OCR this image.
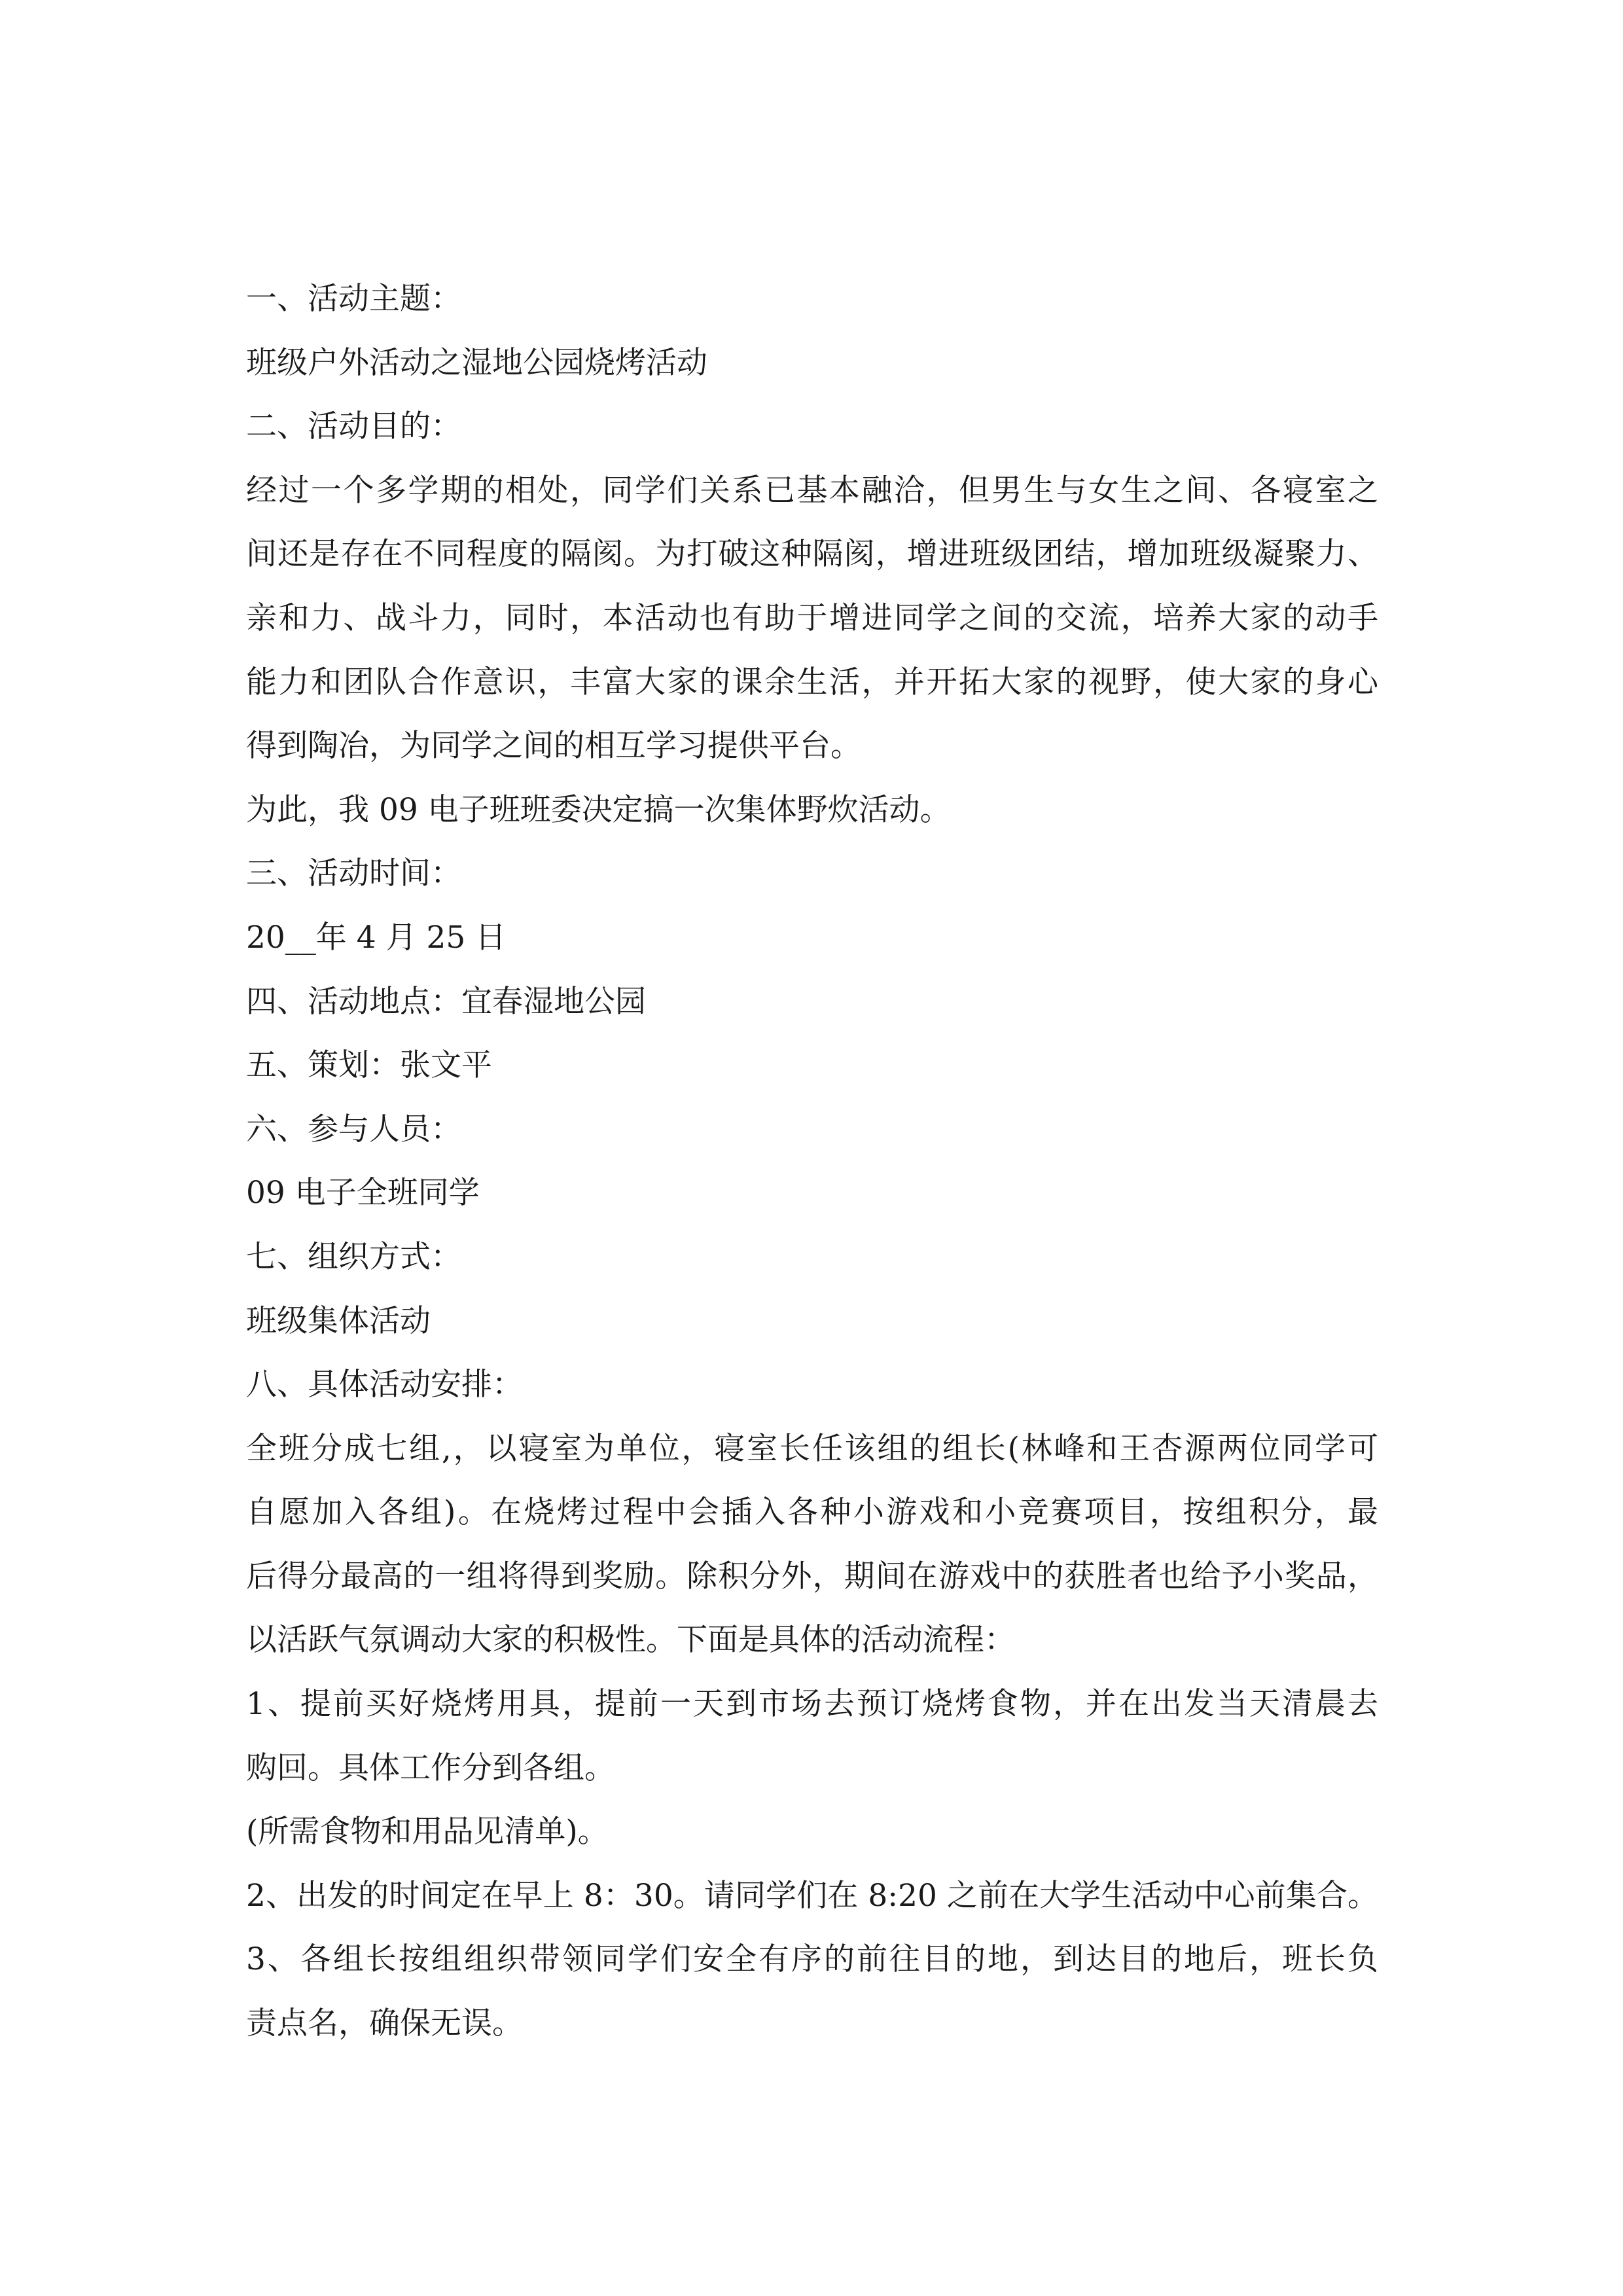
一、活动主题：
班级户外活动之湿地公园烧烤活动
二、活动目的：
经过一个多学期的相处，同学们关系已基本融洽，但男生与女生之间、各寝室之
间还是存在不同程度的隔阂。为打破这种隔阂，增进班级团结，增加班级凝聚力、
亲和力、战斗力，同时，本活动也有助于增进同学之间的交流，培养大家的动手
能力和团队合作意识，丰富大家的课余生活，并开拓大家的视野，使大家的身心
得到陶冶，为同学之间的相互学习提供平台。
为此，我 09 电子班班委决定搞一次集体野炊活动。
三、活动时间：
20__年 4 月 25 日
四、活动地点：宜春湿地公园
五、策划：张文平
六、参与人员：
09 电子全班同学
七、组织方式：
班级集体活动
八、具体活动安排：
全班分成七组,，以寝室为单位，寝室长任该组的组长(林峰和王杏源两位同学可
自愿加入各组)。在烧烤过程中会插入各种小游戏和小竞赛项目，按组积分，最
后得分最高的一组将得到奖励。除积分外，期间在游戏中的获胜者也给予小奖品，
以活跃气氛调动大家的积极性。下面是具体的活动流程：
1、提前买好烧烤用具，提前一天到市场去预订烧烤食物，并在出发当天清晨去
购回。具体工作分到各组。
(所需食物和用品见清单)。
2、出发的时间定在早上 8：30。请同学们在 8:20 之前在大学生活动中心前集合。
3、各组长按组组织带领同学们安全有序的前往目的地，到达目的地后，班长负
责点名，确保无误。
